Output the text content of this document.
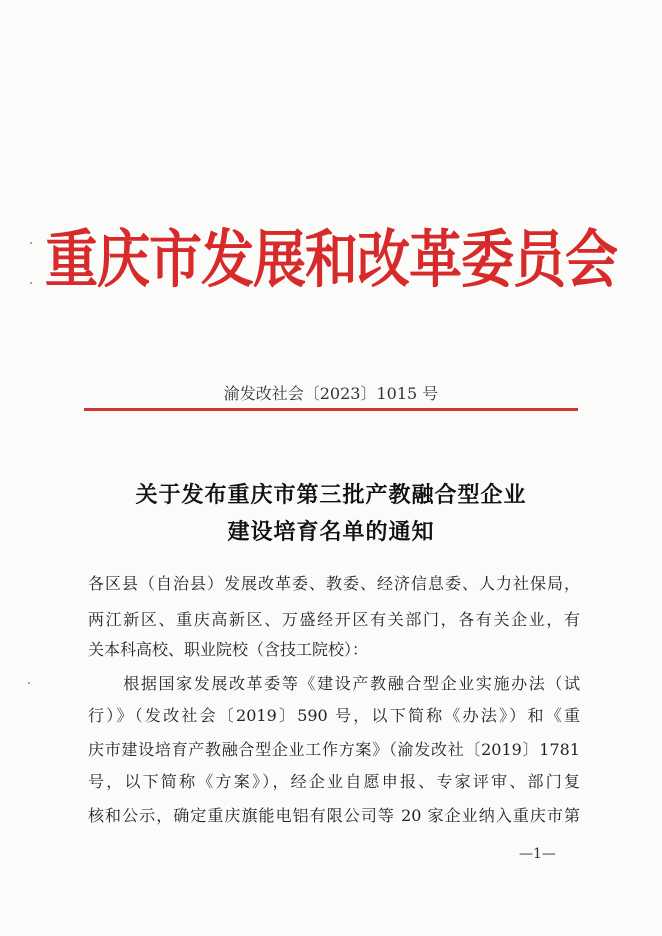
重庆市发展和改革委员会
渝发改社会〔2023〕1015 号
关于发布重庆市第三批产教融合型企业
建设培育名单的通知
各区县（自治县）发展改革委、教委、经济信息委、人力社保局，
两江新区、重庆高新区、万盛经开区有关部门，各有关企业，有
关本科高校、职业院校（含技工院校）：
　　根据国家发展改革委等《建设产教融合型企业实施办法（试
行）》（发改社会〔2019〕590 号，以下简称《办法》）和《重
庆市建设培育产教融合型企业工作方案》（渝发改社〔2019〕1781
号，以下简称《方案》），经企业自愿申报、专家评审、部门复
核和公示，确定重庆旗能电铝有限公司等 20 家企业纳入重庆市第
—1—
